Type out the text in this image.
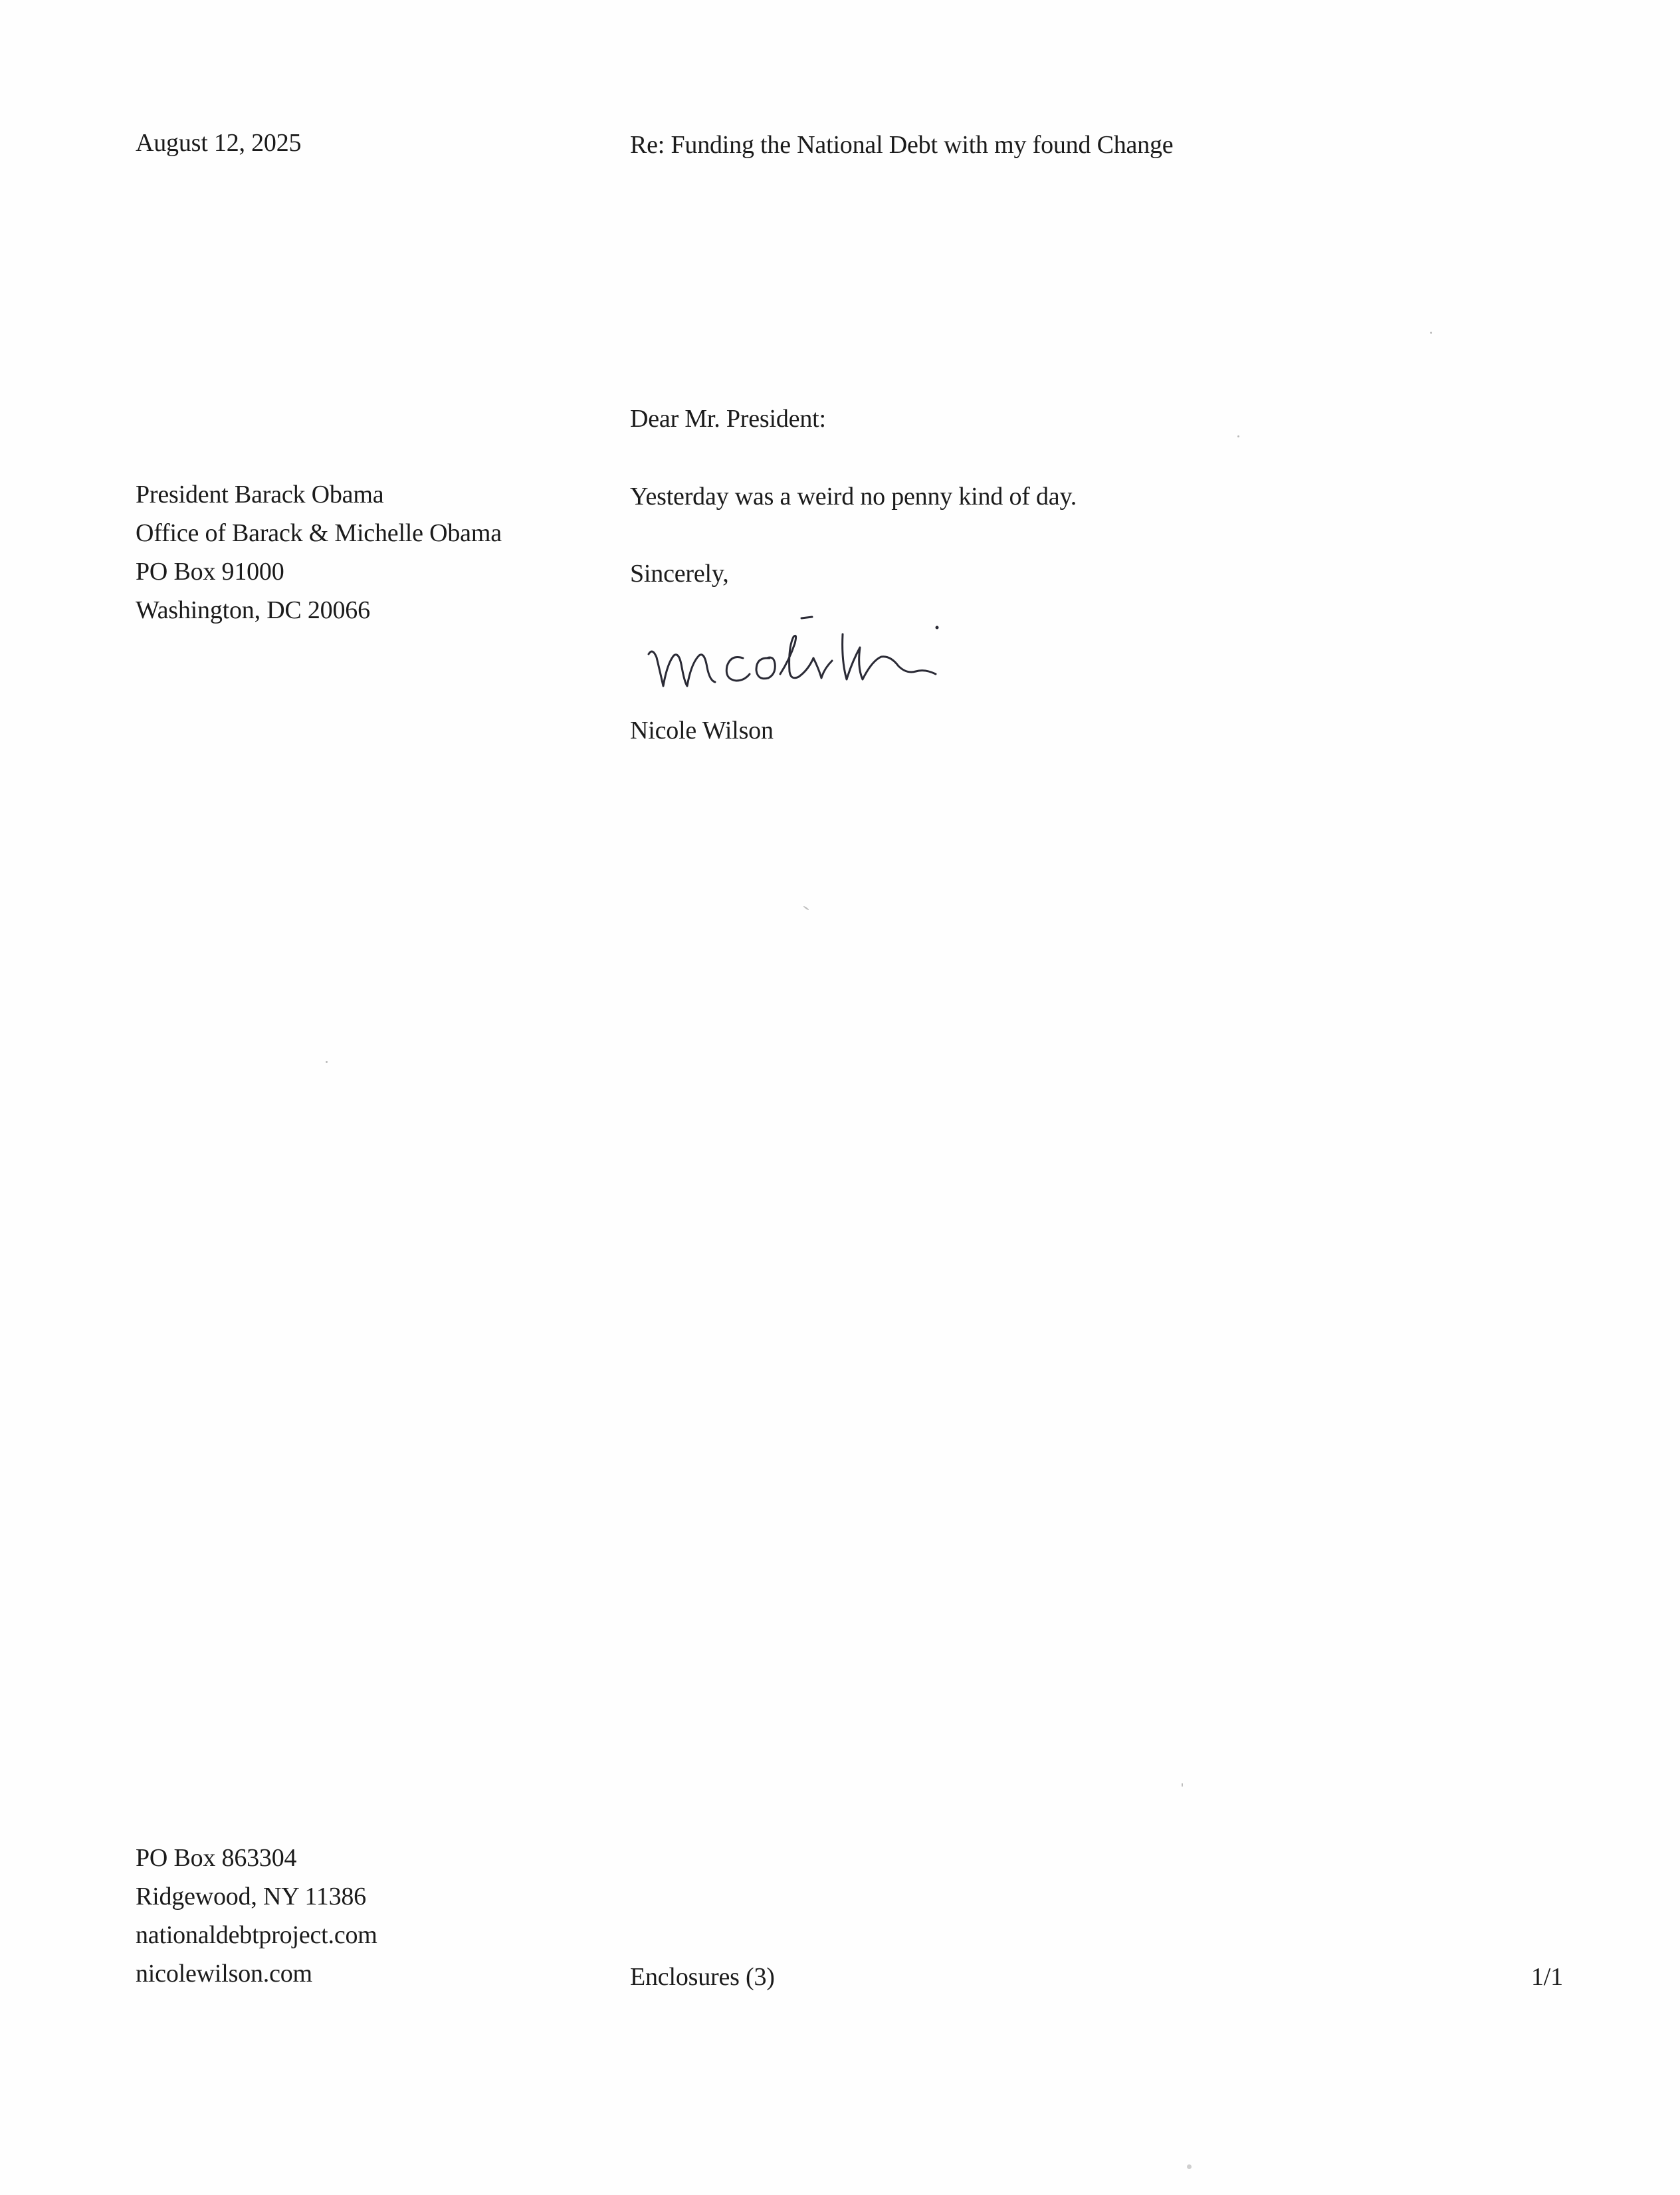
August 12, 2025	Re: Funding the National Debt with my found Change
Dear Mr. President:
President Barack Obama
Office of Barack & Michelle Obama
PO Box 91000
Washington, DC 20066
Yesterday was a weird no penny kind of day.
Sincerely,
Nicole Wilson
PO Box 863304
Ridgewood, NY 11386
nationaldebtproject.com
nicolewilson.com	Enclosures (3)	1/1
